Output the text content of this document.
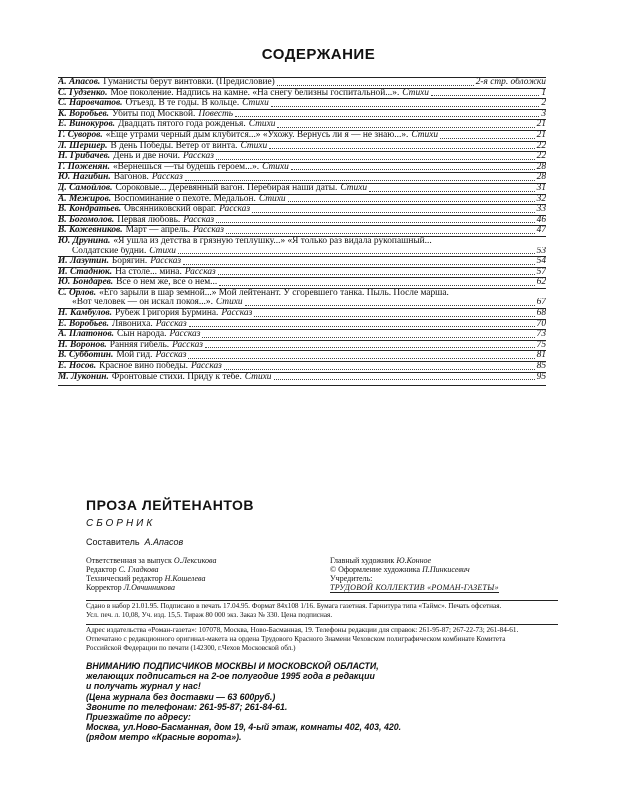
СОДЕРЖАНИЕ
А. Апасов. Гуманисты берут винтовки. (Предисловие)	2-я стр. обложки
С. Гудзенко. Мое поколение. Надпись на камне. «На снегу белизны госпитальной...». Стихи	1
С. Наровчатов. Отъезд. В те годы. В кольце. Стихи	2
К. Воробьев. Убиты под Москвой. Повесть	3
Е. Винокуров. Двадцать пятого года рожденья. Стихи	21
Г. Суворов. «Еще утрами черный дым клубится...» «Ухожу. Вернусь ли я — не знаю...». Стихи	21
Л. Шершер. В день Победы. Ветер от винта. Стихи	22
Н. Грибачев. День и две ночи. Рассказ	22
Г. Поженян. «Вернешься —ты будешь героем...». Стихи	28
Ю. Нагибин. Вагонов. Рассказ	28
Д. Самойлов. Сороковые... Деревянный вагон. Перебирая наши даты. Стихи	31
А. Межиров. Воспоминание о пехоте. Медальон. Стихи	32
В. Кондратьев. Овсянниковский овраг. Рассказ	33
В. Богомолов. Первая любовь. Рассказ	46
В. Кожевников. Март — апрель. Рассказ	47
Ю. Друнина. «Я ушла из детства в грязную теплушку...» «Я только раз видала рукопашный...
Солдатские будни. Стихи	53
И. Лазутин. Борягин. Рассказ	54
И. Стаднюк. На столе... мина. Рассказ	57
Ю. Бондарев. Все о нем же, все о нем...	62
С. Орлов. «Его зарыли в шар земной...» Мой лейтенант. У сгоревшего танка. Пыль. После марша.
«Вот человек — он искал покоя...». Стихи	67
Н. Камбулов. Рубеж Григория Бурмина. Рассказ	68
Е. Воробьев. Лявониха. Рассказ	70
А. Платонов. Сын народа. Рассказ	73
Н. Воронов. Ранняя гибель. Рассказ	75
В. Субботин. Мой гид. Рассказ	81
Е. Носов. Красное вино победы. Рассказ	85
М. Луконин. Фронтовые стихи. Приду к тебе. Стихи	95
ПРОЗА ЛЕЙТЕНАНТОВ
СБОРНИК
Составитель А.Апасов
Ответственная за выпуск О.Лексикова
Редактор С. Гладкова
Технический редактор Н.Кошелева
Корректор Л.Овчинникова
Главный художник Ю.Конное
© Оформление художника П.Пинкисевич
Учредитель:
ТРУДОВОЙ КОЛЛЕКТИВ «РОМАН-ГАЗЕТЫ»
Сдано в набор 21.01.95. Подписано в печать 17.04.95. Формат 84x108 1/16. Бумага газетная. Гарнитура типа «Таймс». Печать офсетная.
Усл. печ. л. 10,08, Уч. изд. 15,5. Тираж 80 000 экз. Заказ № 330. Цена подписная.
Адрес издательства «Роман-газета»: 107078, Москва, Ново-Басманная, 19. Телефоны редакции для справок: 261-95-87; 267-22-73; 261-84-61.
Отпечатано с редакционного оригинал-макета на ордена Трудового Красного Знамени Чеховском полиграфическом комбинате Комитета
Российской Федерации по печати (142300, г.Чехов Московской обл.)
ВНИМАНИЮ ПОДПИСЧИКОВ МОСКВЫ И МОСКОВСКОЙ ОБЛАСТИ,
желающих подписаться на 2-ое полугодие 1995 года в редакции
и получать журнал у нас!
(Цена журнала без доставки — 63 600руб.)
Звоните по телефонам: 261-95-87; 261-84-61.
Приезжайте по адресу:
Москва, ул.Ново-Басманная, дом 19, 4-ый этаж, комнаты 402, 403, 420.
(рядом метро «Красные ворота»).
